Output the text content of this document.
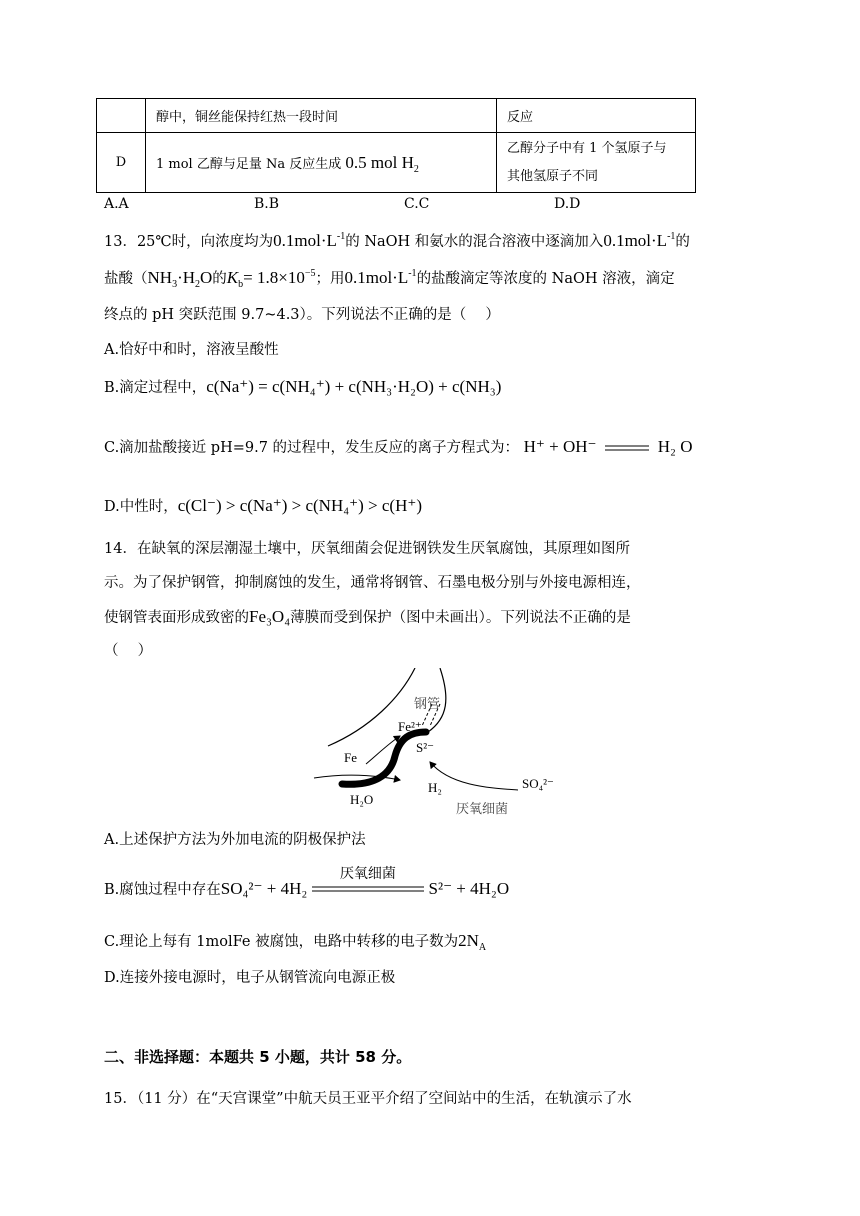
	醇中，铜丝能保持红热一段时间	反应
D	1 mol 乙醇与足量 Na 反应生成 0.5 mol $H_2$	乙醇分子中有 1 个氢原子与
其他氢原子不同
A.A	B.B	C.C	D.D
13．25℃时，向浓度均为$0.1mol\cdot L^{-1}$的 NaOH 和氨水的混合溶液中逐滴加入$0.1mol\cdot L^{-1}$的
盐酸（$NH_3\cdot H_2O$的$K_b= 1.8\times 10^{-5}$；用$0.1mol\cdot L^{-1}$的盐酸滴定等浓度的 NaOH 溶液，滴定
终点的 pH 突跃范围 9.7~4.3）。下列说法不正确的是（　 ）
A.恰好中和时，溶液呈酸性
B.滴定过程中，c(Na⁺) = c(NH₄⁺) + c(NH₃·H₂O) + c(NH₃)
C.滴加盐酸接近 pH=9.7 的过程中，发生反应的离子方程式为： H⁺ + OH⁻	H₂ O
D.中性时，c(Cl⁻) > c(Na⁺) > c(NH₄⁺) > c(H⁺)
14．在缺氧的深层潮湿土壤中，厌氧细菌会促进钢铁发生厌氧腐蚀，其原理如图所
示。为了保护钢管，抑制腐蚀的发生，通常将钢管、石墨电极分别与外接电源相连，
使钢管表面形成致密的Fe₃O₄薄膜而受到保护（图中未画出）。下列说法不正确的是
（　 ）
钢管
Fe²⁺
Fe
S²⁻
SO₄²⁻
H₂O
H₂
厌氧细菌
A.上述保护方法为外加电流的阴极保护法
B.腐蚀过程中存在SO₄²⁻ + 4H₂
厌氧细菌
S²⁻ + 4H₂O
C.理论上每有 1molFe 被腐蚀，电路中转移的电子数为$2N_A$
D.连接外接电源时，电子从钢管流向电源正极
二、非选择题：本题共 5 小题，共计 58 分。
15．（11 分）在“天宫课堂”中航天员王亚平介绍了空间站中的生活，在轨演示了水
